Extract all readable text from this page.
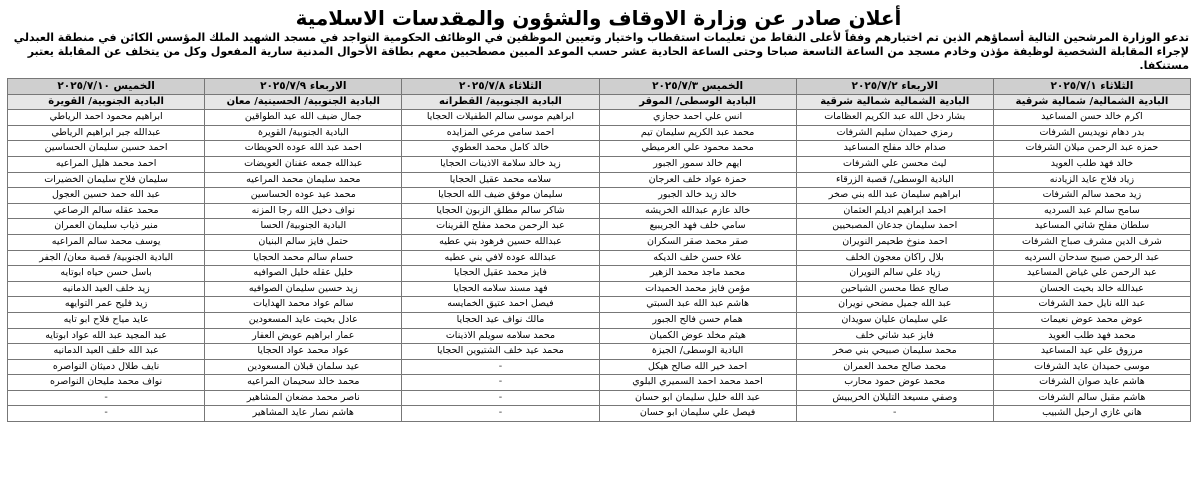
أعلان صادر عن وزارة الاوقاف والشؤون والمقدسات الاسلامية
تدعو الوزارة المرشحين التالية أسماؤهم الذين تم اختيارهم وفقاً لأعلى النقاط من تعليمات استقطاب واختيار وتعيين الموظفين في الوظائف الحكومية التواجد في مسجد الشهيد الملك المؤسس الكائن في منطقة العبدلي لإجراء المقابلة الشخصية لوظيفة مؤذن وخادم مسجد من الساعة التاسعة صباحا وحتى الساعة الحادية عشر حسب الموعد المبين مصطحبين معهم بطاقة الأحوال المدنية سارية المفعول وكل من يتخلف عن المقابلة يعتبر مستنكفا.
الثلاثاء ٢٠٢٥/٧/١	الاربعاء ٢٠٢٥/٧/٢	الخميس ٢٠٢٥/٧/٣	الثلاثاء ٢٠٢٥/٧/٨	الاربعاء ٢٠٢٥/٧/٩	الخميس ٢٠٢٥/٧/١٠
البادية الشمالية/ شمالية شرقية	البادية الشمالية شمالية شرقية	البادية الوسطى/ الموقر	البادية الجنوبية/ القطرانه	البادية الجنوبية/ الحسينية/ معان	البادية الجنوبية/ القويرة
اكرم خالد حسن المساعيد	بشار دخل الله عبد الكريم العظامات	انس علي احمد حجازي	ابراهيم موسى سالم الطفيلات الحجايا	جمال ضيف الله عيد الطواقين	ابراهيم محمود احمد الرياطي
بدر دهام نويديس الشرفات	رمزي حميدان سليم الشرفات	محمد عبد الكريم سليمان تيم	احمد سامي مرعي المزايده	البادية الجنوبية/ القويرة	عبدالله جبر ابراهيم الرياطي
حمزه عبد الرحمن ميلان الشرفات	صدام خالد مفلح المساعيد	محمد محمود علي العرميطي	خالد كامل محمد العطوي	احمد عبد الله عوده الحويطات	احمد حسين سليمان الحساسين
خالد فهد طلب العويد	ليث محسن علي الشرفات	ايهم خالد سمور الجبور	زيد خالد سلامة الاذينات الحجايا	عبدالله جمعه عفنان العويضات	احمد محمد هليل المراعيه
زياد فلاح عايد الزيادنه	البادية الوسطى/ قصبة الزرقاء	حمزة عواد خلف العرجان	سلامه محمد عقيل الحجايا	محمد سليمان محمد المراعيه	سليمان فلاح سليمان الخضيرات
زيد محمد سالم الشرفات	ابراهيم سليمان عبد الله بني صخر	خالد زيد خالد الجبور	سليمان موفق ضيف الله الحجايا	محمد عيد عوده الحساسين	عبد الله حمد حسين العجول
سامح سالم عبد السرديه	احمد ابراهيم اديلم العثمان	خالد عازم عبدالله الخريشه	شاكر سالم مطلق الزبون الحجايا	نواف دخيل الله رجا المزنه	محمد عقله سالم الرصاعي
سلطان مفلح شاتي المساعيد	احمد سليمان جدعان المصبحيين	سامي خلف فهد الجريبيع	عبد الرحمن محمد مفلح القرينات	البادية الجنوبية/ الحسا	منير ذياب سليمان العمران
شرف الدين مشرف صباح الشرفات	احمد منوخ طحيمر النويران	صقر محمد صقر السكران	عبدالله حسين فرهود بني عطيه	حتمل فايز سالم البنيان	يوسف محمد سالم المراعيه
عبد الرحمن صبيح سدحان السرديه	بلال راكان معجون الخلف	علاء حسن خلف الديكه	عبدالله عوده لافي بني عطيه	حسام سالم محمد الحجايا	البادية الجنوبية/ قصبة معان/ الجفر
عبد الرحمن علي غياض المساعيد	زياد علي سالم النويران	محمد ماجد محمد الزهير	فايز محمد عقيل الحجايا	خليل عقله خليل الصوافيه	باسل حسن حياه ابوتايه
عبدالله خالد بخيت الحسان	صالح عطا محسن الشياحين	مؤمن فايز محمد الحميدات	فهد مسند سلامه الحجايا	زيد حسين سليمان الصوافيه	زيد خلف العيد الدمانيه
عبد الله نايل حمد الشرفات	عبد الله جميل مضحي نويران	هاشم عبد الله عبد السبتي	فيصل احمد عتيق الخمايسه	سالم عواد محمد الهدايات	زيد فليح عمر التوايهه
عوض محمد عوض نعيمات	علي سليمان عليان سويدان	همام حسن فالح الجبور	مالك نواف عيد الحجايا	عادل بخيت عايد المسعودين	عايد مياح فلاح ابو تايه
محمد فهد طلب العويد	فايز عبد شاتي خلف	هيثم مخلد عوض الكميان	محمد سلامه سويلم الاذينات	عمار ابراهيم عويض العفار	عبد المجيد عبد الله عواد ابوتايه
مرزوق علي عيد المساعيد	محمد سليمان صبيحي بني صخر	البادية الوسطى/ الجيزة	محمد عيد خلف الشتيوين الحجايا	عواد محمد عواد الحجايا	عبد الله خلف العيد الدمانيه
موسى حميدان عايد الشرفات	محمد صالح محمد العمران	احمد خير الله صالح هيكل	-	عيد سلمان قبلان المسعودين	نايف طلال دميثان النواصره
هاشم عايد صوان الشرفات	محمد عوض حمود محارب	احمد محمد احمد السميري البلوي	-	محمد خالد سحيمان المراعيه	نواف محمد مليحان النواصره
هاشم مقبل سالم الشرفات	وصفي مسيعد التليلان الخريبيش	عبد الله خليل سليمان ابو حسان	-	ناصر محمد مضعان المشاهير	-
هاني غازي ارحيل الشبيب	-	فيصل علي سليمان ابو حسان	-	هاشم نصار عايد المشاهير	-
